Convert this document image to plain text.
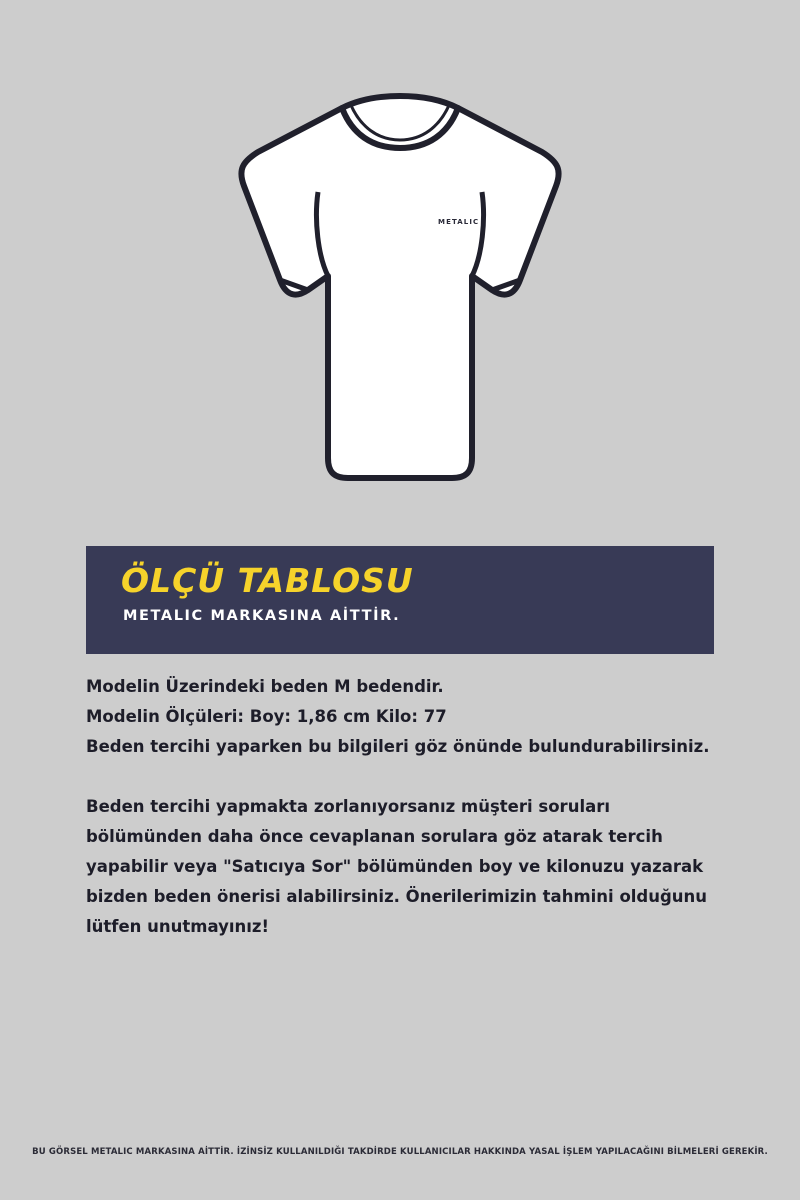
METALIC
ÖLÇÜ TABLOSU
METALIC MARKASINA AİTTİR.

Modelin Üzerindeki beden M bedendir.

Modelin Ölçüleri: Boy: 1,86 cm Kilo: 77

Beden tercihi yaparken bu bilgileri göz önünde bulundurabilirsiniz.

Beden tercihi yapmakta zorlanıyorsanız müşteri soruları

bölümünden daha önce cevaplanan sorulara göz atarak tercih

yapabilir veya "Satıcıya Sor" bölümünden boy ve kilonuzu yazarak

bizden beden önerisi alabilirsiniz. Önerilerimizin tahmini olduğunu

lütfen unutmayınız!

BU GÖRSEL METALIC MARKASINA AİTTİR. İZİNSİZ KULLANILDIĞI TAKDİRDE KULLANICILAR HAKKINDA YASAL İŞLEM YAPILACAĞINI BİLMELERİ GEREKİR.
